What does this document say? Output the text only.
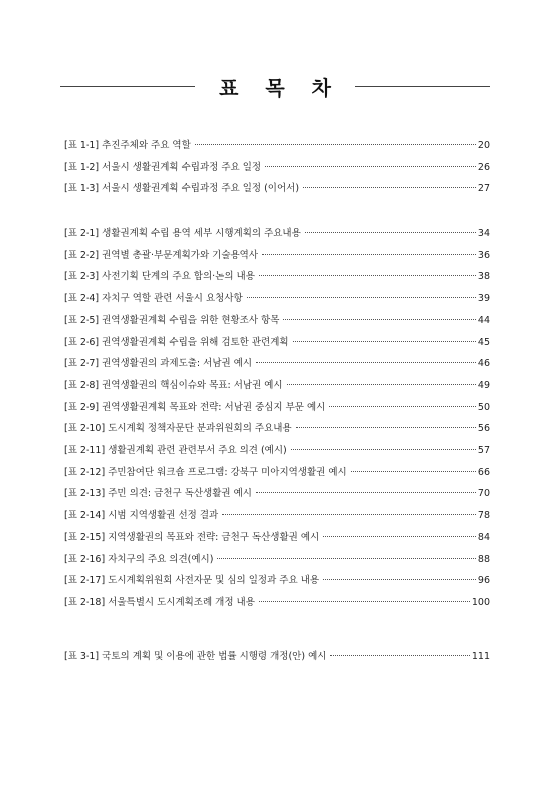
표 목 차
[표 1-1] 추진주체와 주요 역할	20
[표 1-2] 서울시 생활권계획 수립과정 주요 일정	26
[표 1-3] 서울시 생활권계획 수립과정 주요 일정 (이어서)	27
[표 2-1] 생활권계획 수립 용역 세부 시행계획의 주요내용	34
[표 2-2] 권역별 총괄·부문계획가와 기술용역사	36
[표 2-3] 사전기획 단계의 주요 합의·논의 내용	38
[표 2-4] 자치구 역할 관련 서울시 요청사항	39
[표 2-5] 권역생활권계획 수립을 위한 현황조사 항목	44
[표 2-6] 권역생활권계획 수립을 위해 검토한 관련계획	45
[표 2-7] 권역생활권의 과제도출: 서남권 예시	46
[표 2-8] 권역생활권의 핵심이슈와 목표: 서남권 예시	49
[표 2-9] 권역생활권계획 목표와 전략: 서남권 중심지 부문 예시	50
[표 2-10] 도시계획 정책자문단 분과위원회의 주요내용	56
[표 2-11] 생활권계획 관련 관련부서 주요 의견 (예시)	57
[표 2-12] 주민참여단 워크숍 프로그램: 강북구 미아지역생활권 예시	66
[표 2-13] 주민 의견: 금천구 독산생활권 예시	70
[표 2-14] 시범 지역생활권 선정 결과	78
[표 2-15] 지역생활권의 목표와 전략: 금천구 독산생활권 예시	84
[표 2-16] 자치구의 주요 의견(예시)	88
[표 2-17] 도시계획위원회 사전자문 및 심의 일정과 주요 내용	96
[표 2-18] 서울특별시 도시계획조례 개정 내용	100
[표 3-1] 국토의 계획 및 이용에 관한 법률 시행령 개정(안) 예시	111
